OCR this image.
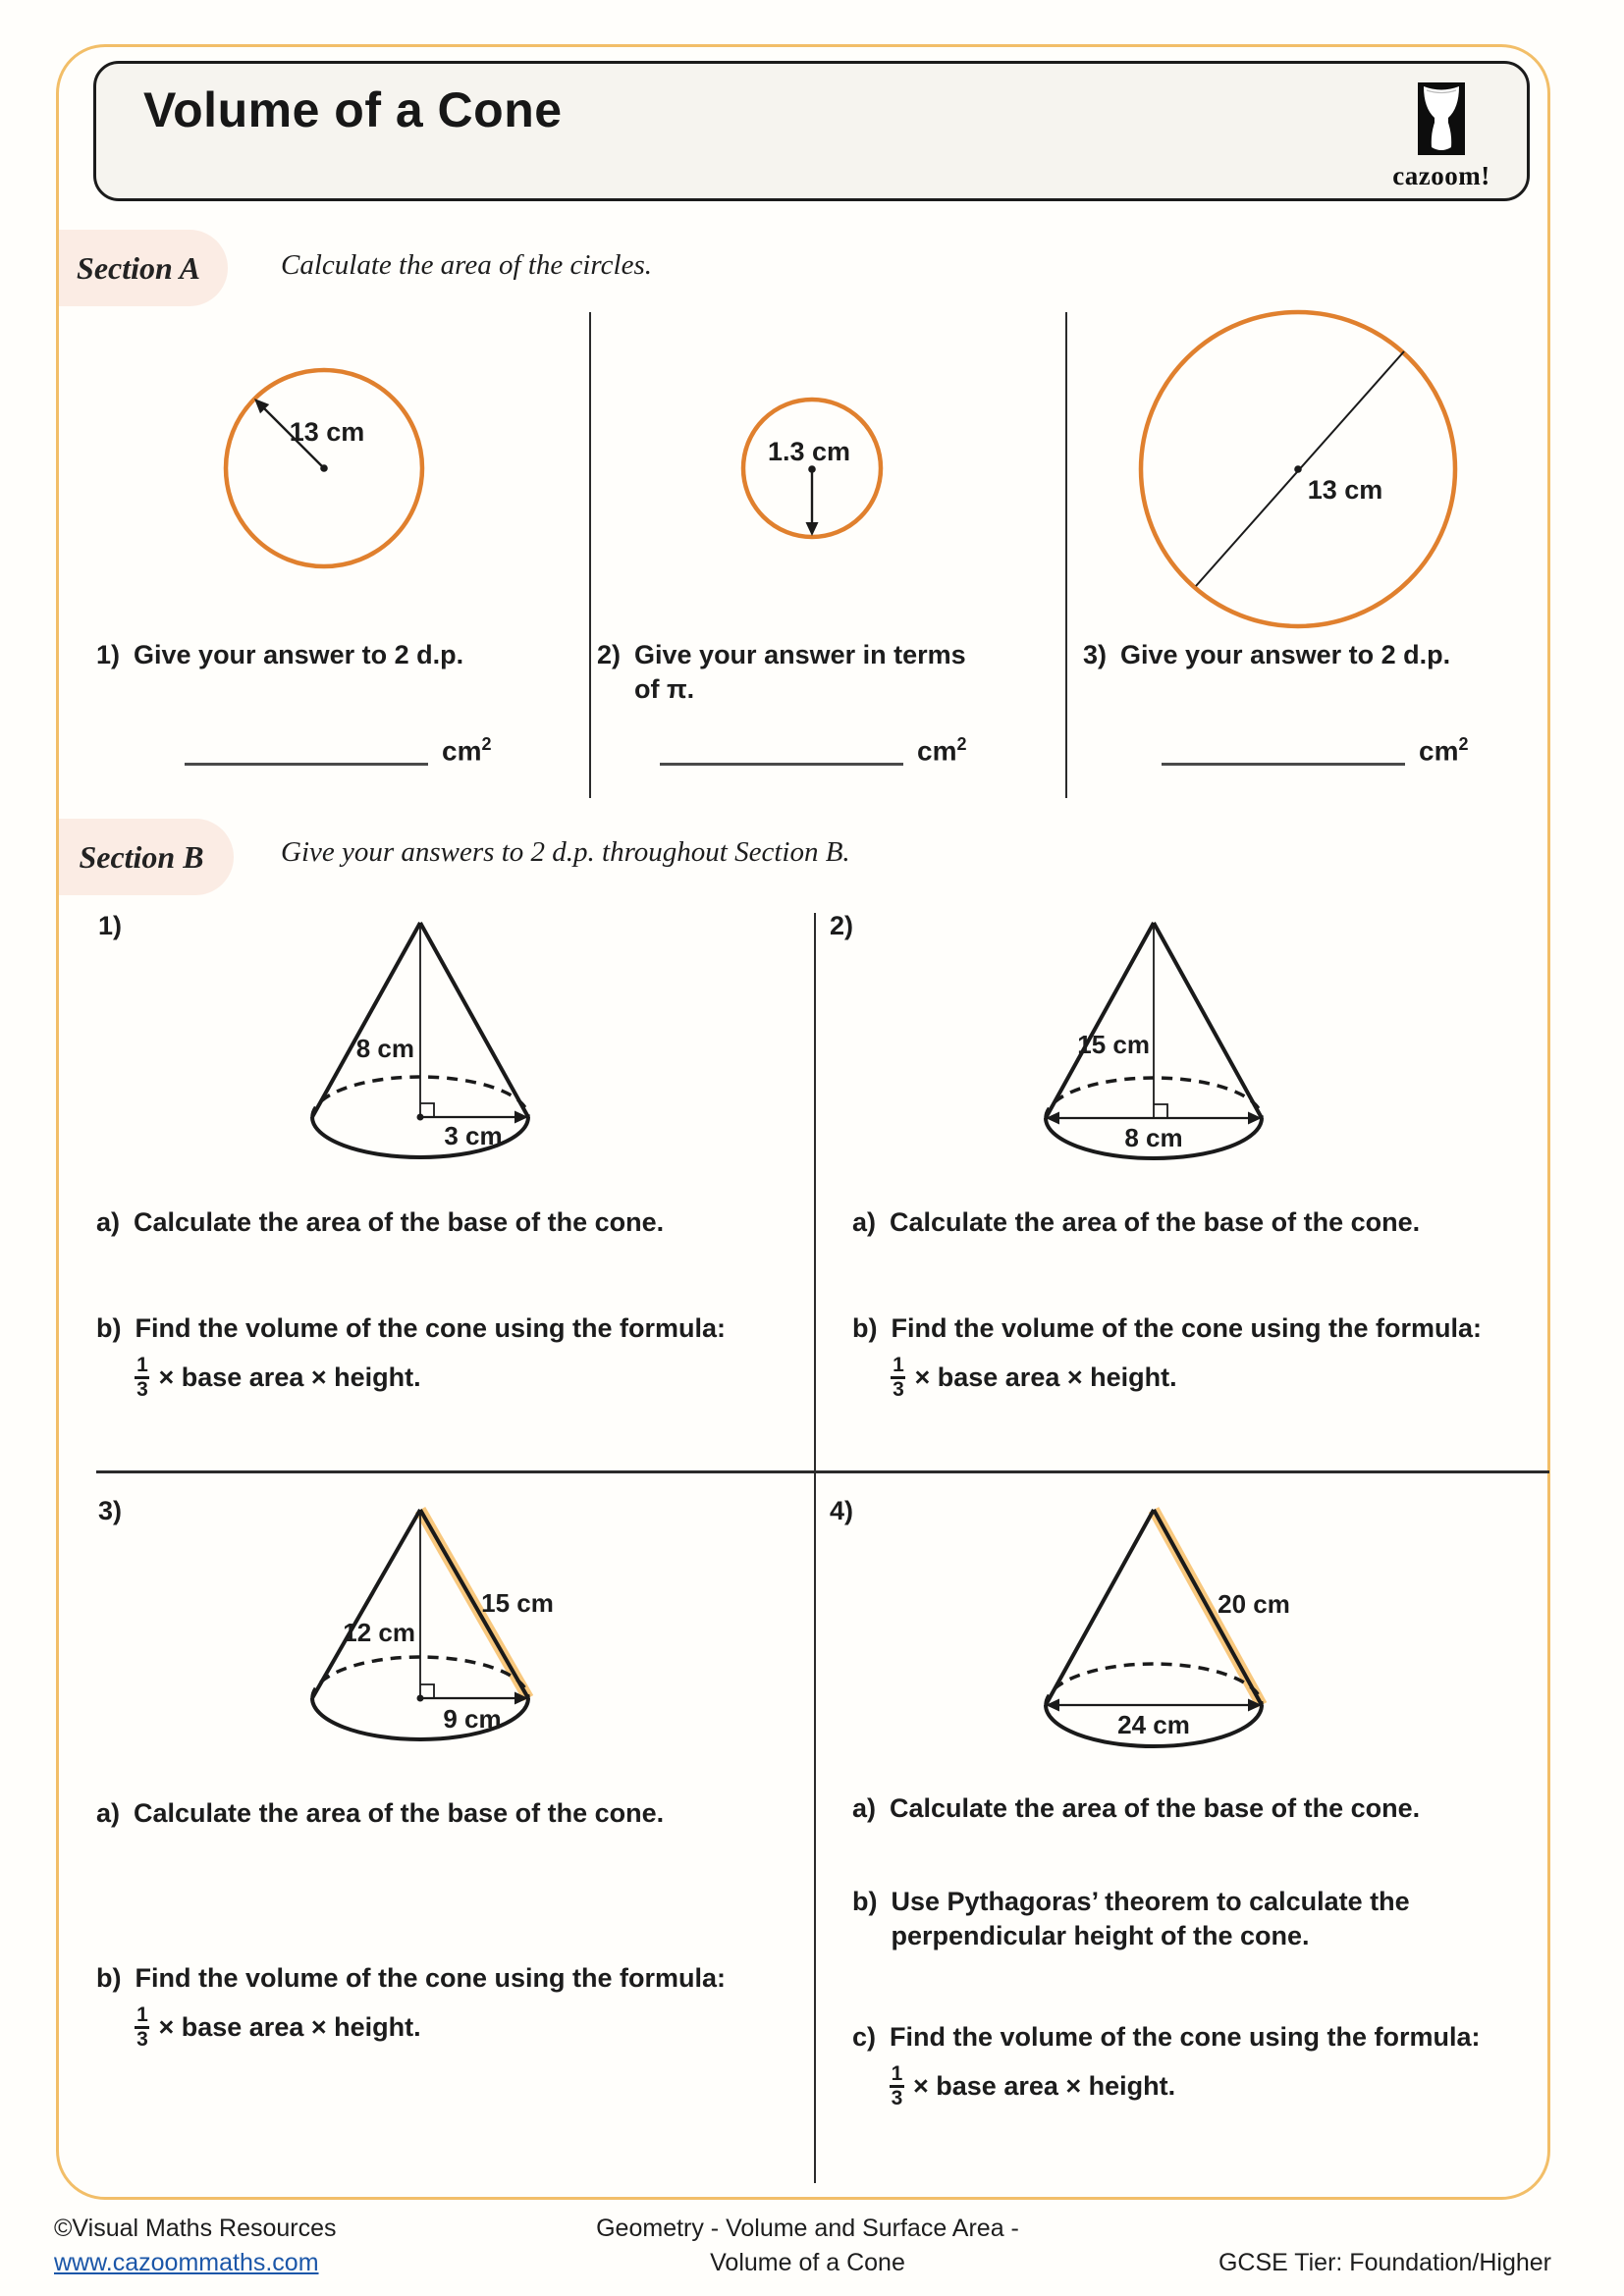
Volume of a Cone
cazoom!
Section A	Calculate the area of the circles.
13 cm
1.3 cm
13 cm
1) Give your answer to 2 d.p.	2) Give your answer in terms
of π.
3) Give your answer to 2 d.p.
$cm^2$	$cm^2$	$cm^2$
Section B	Give your answers to 2 d.p. throughout Section B.
1)	2)
3)	4)
8 cm
3 cm
15 cm
8 cm
12 cm
15 cm
9 cm
20 cm
24 cm
a) Calculate the area of the base of the cone.
b) Find the volume of the cone using the formula:
$\frac{1}{3}$ × base area × height.
a) Calculate the area of the base of the cone.
b) Find the volume of the cone using the formula:
$\frac{1}{3}$ × base area × height.
a) Calculate the area of the base of the cone.
b) Find the volume of the cone using the formula:
$\frac{1}{3}$ × base area × height.
a) Calculate the area of the base of the cone.
b) Use Pythagoras’ theorem to calculate the
perpendicular height of the cone.
c) Find the volume of the cone using the formula:
$\frac{1}{3}$ × base area × height.
©Visual Maths Resources
www.cazoommaths.com
Geometry - Volume and Surface Area -
Volume of a Cone	GCSE Tier: Foundation/Higher
